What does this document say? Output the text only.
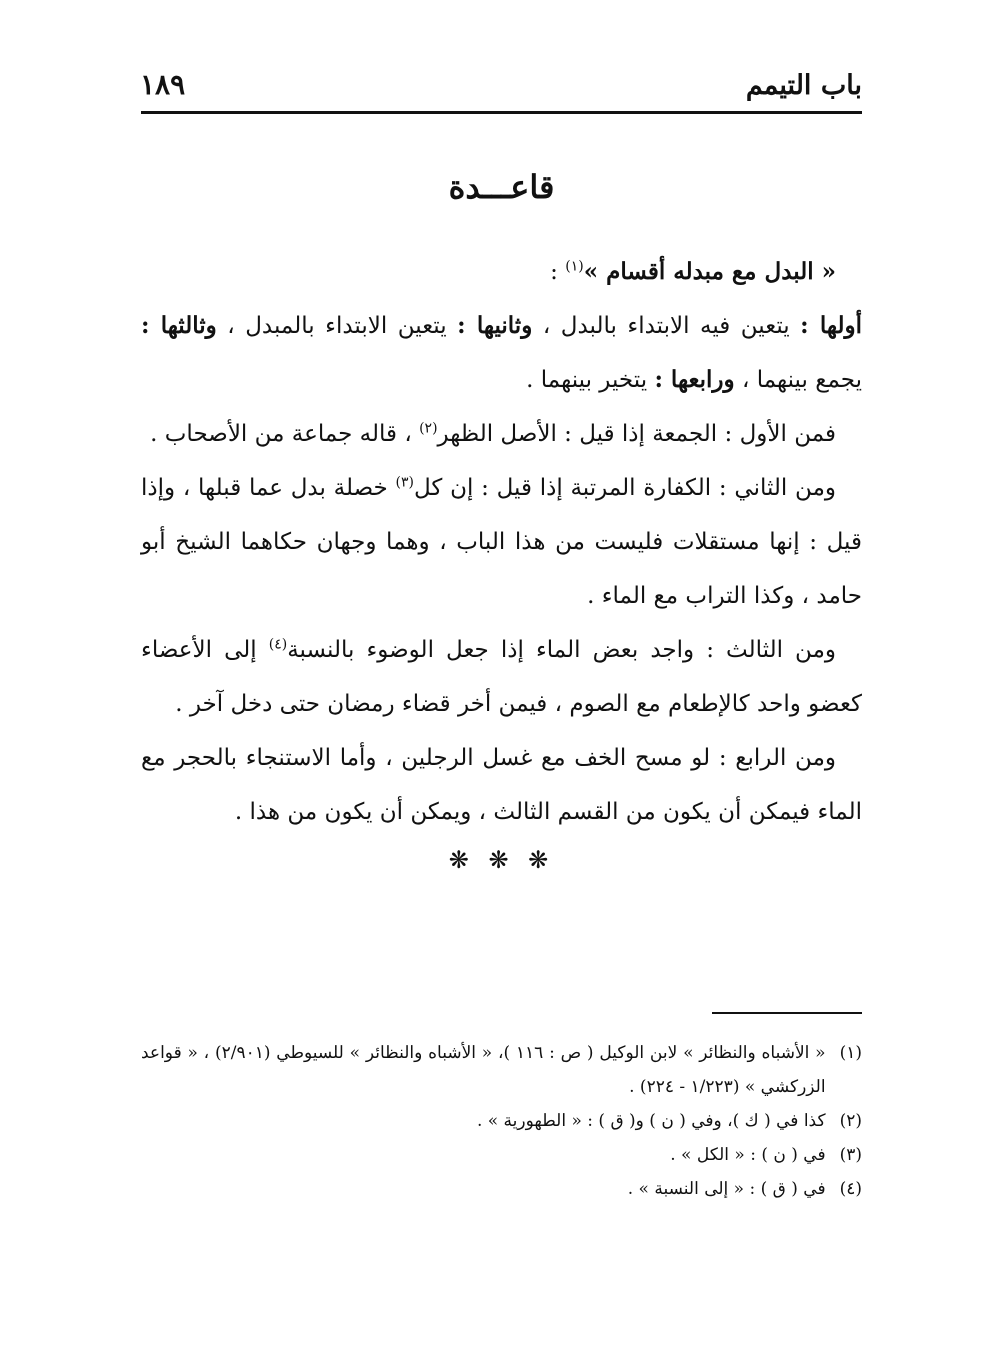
باب التيمم
١٨٩
قاعـــدة

« البدل مع مبدله أقسام »$^{(١)}$ :

أولها : يتعين فيه الابتداء بالبدل ، وثانيها : يتعين الابتداء بالمبدل ، وثالثها : يجمع بينهما ، ورابعها : يتخير بينهما .

فمن الأول : الجمعة إذا قيل : الأصل الظهر$^{(٢)}$ ، قاله جماعة من الأصحاب .

ومن الثاني : الكفارة المرتبة إذا قيل : إن كل$^{(٣)}$ خصلة بدل عما قبلها ، وإذا قيل : إنها مستقلات فليست من هذا الباب ، وهما وجهان حكاهما الشيخ أبو حامد ، وكذا التراب مع الماء .

ومن الثالث : واجد بعض الماء إذا جعل الوضوء بالنسبة$^{(٤)}$ إلى الأعضاء كعضو واحد كالإطعام مع الصوم ، فيمن أخر قضاء رمضان حتى دخل آخر .

ومن الرابع : لو مسح الخف مع غسل الرجلين ، وأما الاستنجاء بالحجر مع الماء فيمكن أن يكون من القسم الثالث ، ويمكن أن يكون من هذا .

❋ ❋ ❋
(١)
« الأشباه والنظائر » لابن الوكيل ( ص : ١١٦ )، « الأشباه والنظائر » للسيوطي (٢/٩٠١) ، « قواعد الزركشي » (١/٢٢٣ - ٢٢٤) .
(٢)
كذا في ( ك )، وفي ( ن ) و( ق ) : « الطهورية » .
(٣)
في ( ن ) : « الكل » .
(٤)
في ( ق ) : « إلى النسبة » .
